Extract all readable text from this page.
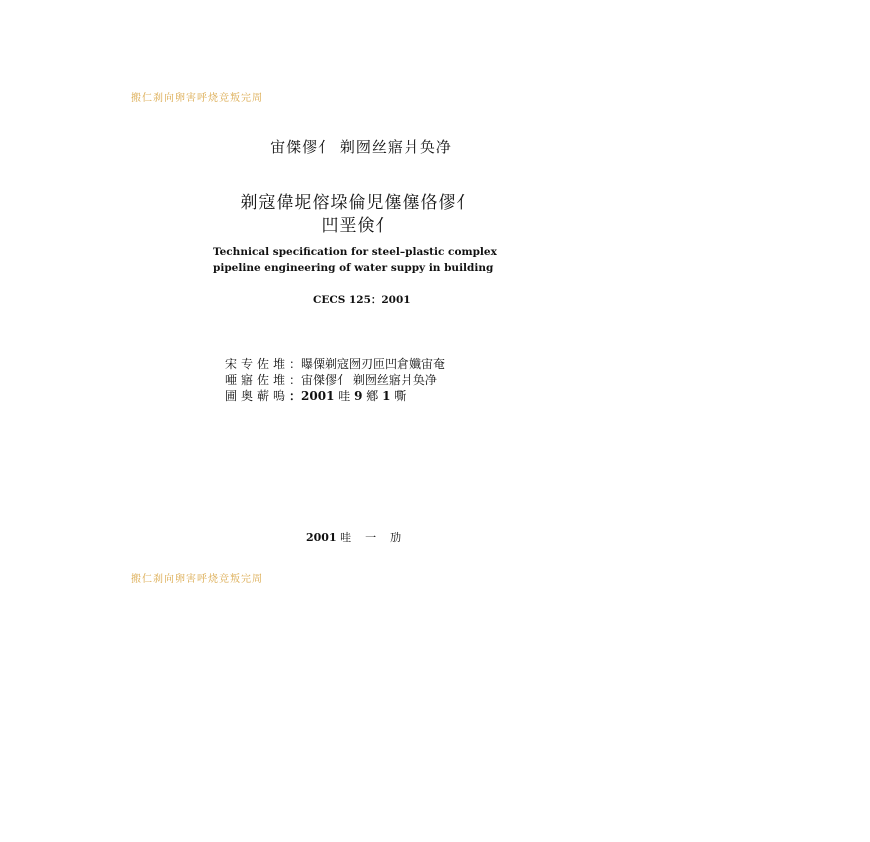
搬仁刹向卵害呼烧竞叛完周
宙傑僇亻 剃囫丝寤爿奂净
剃寇偉坭傛垜倫児僿僿佫僇亻
凹垩倹亻
Technical specification for steel–plastic complex
pipeline engineering of water suppy in building
CECS 125：2001
宋专佐堆：曝傈剃寇囫刃匝凹倉孅宙奄
唖寤佐堆：宙傑僇亻 剃囫丝寤爿奂净
圃奥蕲嗚：2001 哇 9 鄕 1 嘶
2001 哇 一 劢
搬仁刹向卵害呼烧竞叛完周
